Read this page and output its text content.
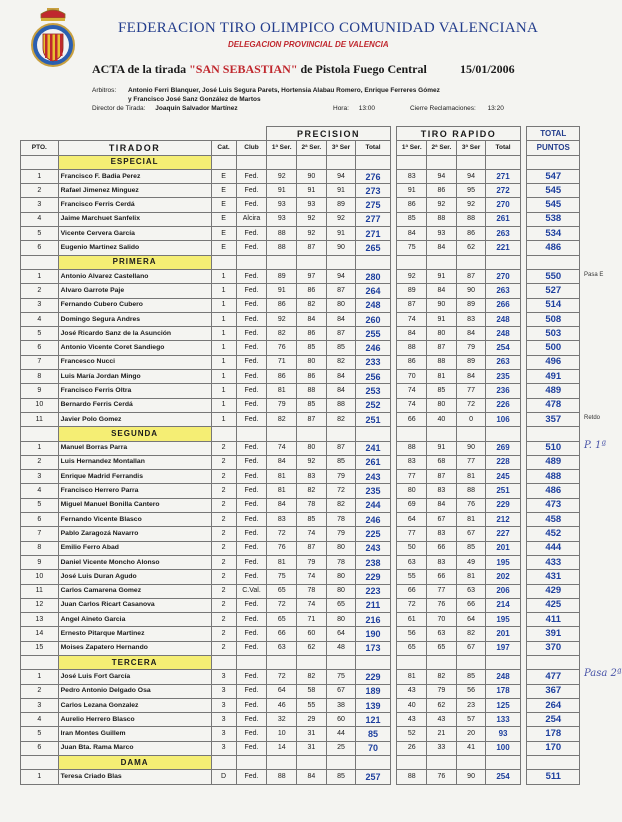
FEDERACION TIRO OLIMPICO COMUNIDAD VALENCIANA
DELEGACION PROVINCIAL DE VALENCIA
ACTA de la tirada "SAN SEBASTIAN" de Pistola Fuego Central	15/01/2006
Arbitros: Antonio Ferri Blanquer, José Luis Segura Parets, Hortensia Alabau Romero, Enrique Ferreres Gómez
y Francisco José Sanz González de Martos
Director de Tirada: Joaquín Salvador Martínez	Hora: 13:00	Cierre Reclamaciones: 13:20
				PRECISION					TIRO RAPIDO					TOTAL
PTO.	TIRADOR	Cat.	Club	1ª Ser.	2ª Ser.	3ª Ser	Total		1ª Ser.	2ª Ser.	3ª Ser	Total		PUNTOS
	ESPECIAL													
1	Francisco F. Badia Perez	E	Fed.	92	90	94	276		83	94	94	271		547
2	Rafael Jimenez Minguez	E	Fed.	91	91	91	273		91	86	95	272		545
3	Francisco Ferris Cerdá	E	Fed.	93	93	89	275		86	92	92	270		545
4	Jaime Marchuet Sanfelix	E	Alcira	93	92	92	277		85	88	88	261		538
5	Vicente Cervera García	E	Fed.	88	92	91	271		84	93	86	263		534
6	Eugenio Martinez Salido	E	Fed.	88	87	90	265		75	84	62	221		486
	PRIMERA													
1	Antonio Alvarez Castellano	1	Fed.	89	97	94	280		92	91	87	270		550
2	Alvaro Garrote Paje	1	Fed.	91	86	87	264		89	84	90	263		527
3	Fernando Cubero Cubero	1	Fed.	86	82	80	248		87	90	89	266		514
4	Domingo Segura Andres	1	Fed.	92	84	84	260		74	91	83	248		508
5	José Ricardo Sanz de la Asunción	1	Fed.	82	86	87	255		84	80	84	248		503
6	Antonio Vicente Coret Sandiego	1	Fed.	76	85	85	246		88	87	79	254		500
7	Francesco Nucci	1	Fed.	71	80	82	233		86	88	89	263		496
8	Luis María Jordan Mingo	1	Fed.	86	86	84	256		70	81	84	235		491
9	Francisco Ferris Oltra	1	Fed.	81	88	84	253		74	85	77	236		489
10	Bernardo Ferris Cerdá	1	Fed.	79	85	88	252		74	80	72	226		478
11	Javier Polo Gomez	1	Fed.	82	87	82	251		66	40	0	106		357
	SEGUNDA													
1	Manuel Borras Parra	2	Fed.	74	80	87	241		88	91	90	269		510
2	Luis Hernandez Montallan	2	Fed.	84	92	85	261		83	68	77	228		489
3	Enrique Madrid Ferrandis	2	Fed.	81	83	79	243		77	87	81	245		488
4	Francisco Herrero Parra	2	Fed.	81	82	72	235		80	83	88	251		486
5	Miguel Manuel Bonilla Cantero	2	Fed.	84	78	82	244		69	84	76	229		473
6	Fernando Vicente Blasco	2	Fed.	83	85	78	246		64	67	81	212		458
7	Pablo Zaragozá Navarro	2	Fed.	72	74	79	225		77	83	67	227		452
8	Emilio Ferro Abad	2	Fed.	76	87	80	243		50	66	85	201		444
9	Daniel Vicente Moncho Alonso	2	Fed.	81	79	78	238		63	83	49	195		433
10	José Luis Duran Agudo	2	Fed.	75	74	80	229		55	66	81	202		431
11	Carlos Camarena Gomez	2	C.Val.	65	78	80	223		66	77	63	206		429
12	Juan Carlos Ricart Casanova	2	Fed.	72	74	65	211		72	76	66	214		425
13	Angel Aineto Garcia	2	Fed.	65	71	80	216		61	70	64	195		411
14	Ernesto Pitarque Martinez	2	Fed.	66	60	64	190		56	63	82	201		391
15	Moises Zapatero Hernando	2	Fed.	63	62	48	173		65	65	67	197		370
	TERCERA													
1	José Luis Fort García	3	Fed.	72	82	75	229		81	82	85	248		477
2	Pedro Antonio Delgado Osa	3	Fed.	64	58	67	189		43	79	56	178		367
3	Carlos Lezana Gonzalez	3	Fed.	46	55	38	139		40	62	23	125		264
4	Aurelio Herrero Blasco	3	Fed.	32	29	60	121		43	43	57	133		254
5	Iran Montes Guillem	3	Fed.	10	31	44	85		52	21	20	93		178
6	Juan Bta. Rama Marco	3	Fed.	14	31	25	70		26	33	41	100		170
	DAMA													
1	Teresa Criado Blas	D	Fed.	88	84	85	257		88	76	90	254		511
Pasa E
Retdo
P. 1ª
Pasa 2ª
